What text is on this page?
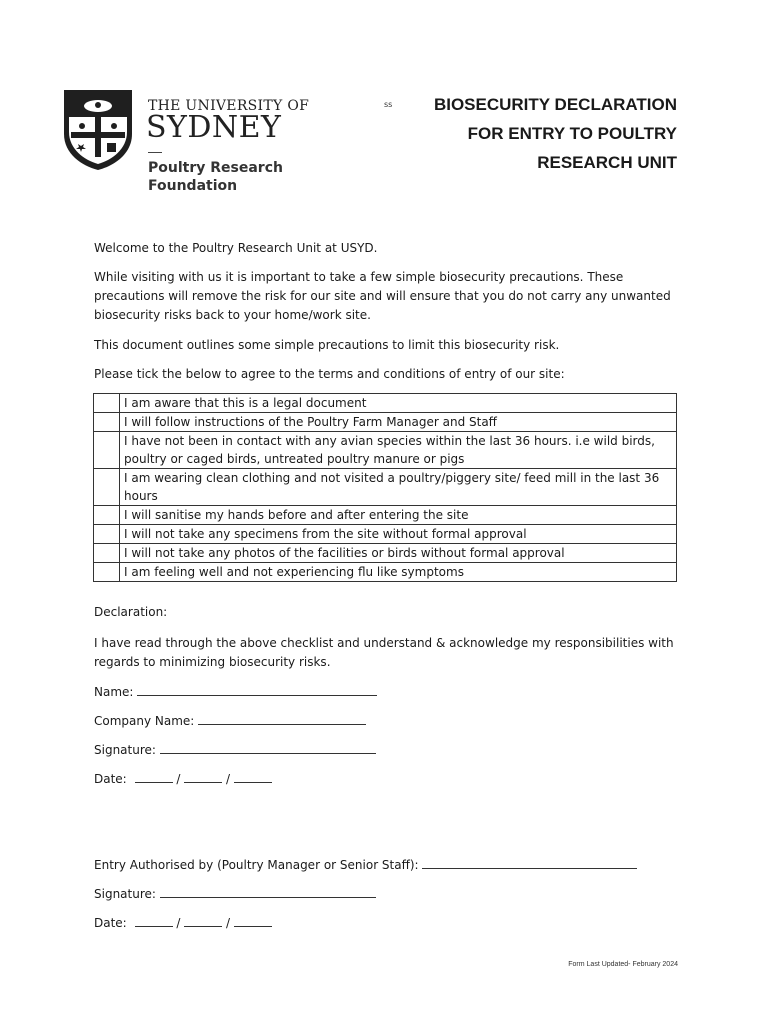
THE UNIVERSITY OF
SYDNEY
Poultry Research
Foundation
ss BIOSECURITY DECLARATION
FOR ENTRY TO POULTRY
RESEARCH UNIT
Welcome to the Poultry Research Unit at USYD.
While visiting with us it is important to take a few simple biosecurity precautions. These precautions will remove the risk for our site and will ensure that you do not carry any unwanted biosecurity risks back to your home/work site.
This document outlines some simple precautions to limit this biosecurity risk.
Please tick the below to agree to the terms and conditions of entry of our site:
	I am aware that this is a legal document
	I will follow instructions of the Poultry Farm Manager and Staff
	I have not been in contact with any avian species within the last 36 hours. i.e wild birds, poultry or caged birds, untreated poultry manure or pigs
	I am wearing clean clothing and not visited a poultry/piggery site/ feed mill in the last 36 hours
	I will sanitise my hands before and after entering the site
	I will not take any specimens from the site without formal approval
	I will not take any photos of the facilities or birds without formal approval
	I am feeling well and not experiencing flu like symptoms
Declaration:
I have read through the above checklist and understand & acknowledge my responsibilities with regards to minimizing biosecurity risks.
Name:
Company Name:
Signature:
Date:	/	/
Entry Authorised by (Poultry Manager or Senior Staff):
Signature:
Date:	/	/
Form Last Updated- February 2024
